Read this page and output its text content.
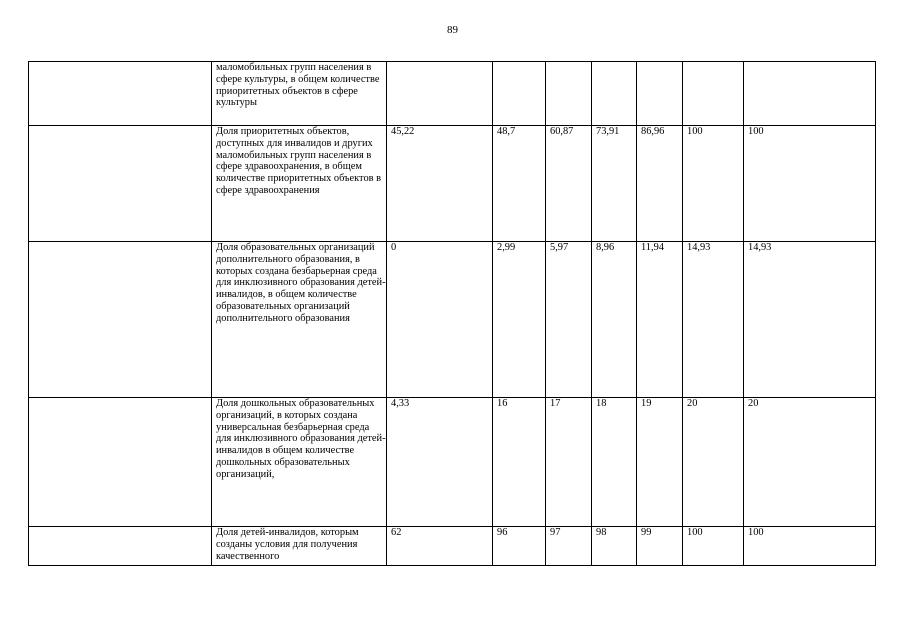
89
	маломобильных групп населения в сфере культуры, в общем количестве приоритетных объектов в сфере культуры							
	Доля приоритетных объектов, доступных для инвалидов и других маломобильных групп населения в сфере здравоохранения, в общем количестве приоритетных объектов в сфере здравоохранения	45,22	48,7	60,87	73,91	86,96	100	100
	Доля образовательных организаций дополнительного образования, в которых создана безбарьерная среда для инклюзивного образования детей-инвалидов, в общем количестве образовательных организаций дополнительного образования	0	2,99	5,97	8,96	11,94	14,93	14,93
	Доля дошкольных образовательных организаций, в которых создана универсальная безбарьерная среда для инклюзивного образования детей-инвалидов в общем количестве дошкольных образовательных организаций,	4,33	16	17	18	19	20	20
	Доля детей-инвалидов, которым созданы условия для получения качественного	62	96	97	98	99	100	100
